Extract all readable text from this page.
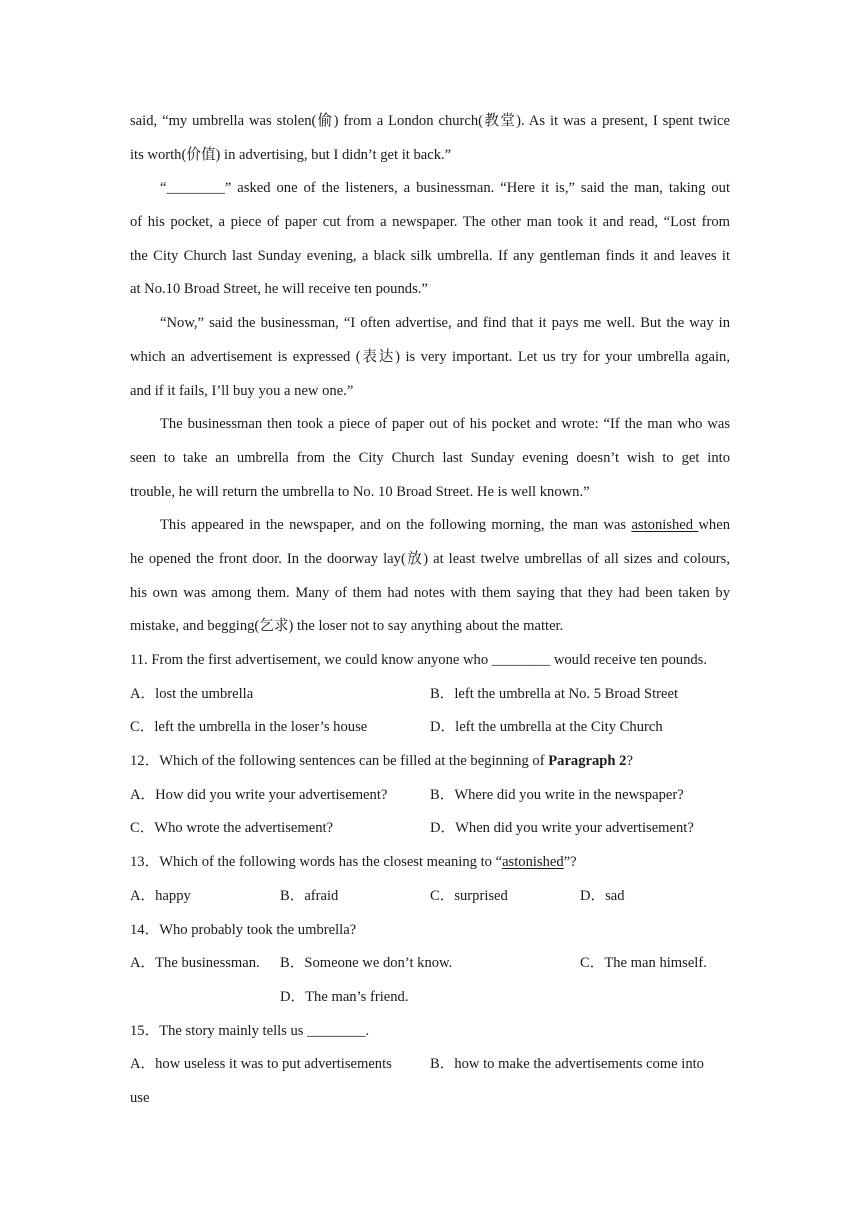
said, “my umbrella was stolen(偷) from a London church(教堂). As it was a present, I spent twice
its worth(价值) in advertising, but I didn’t get it back.”
“________” asked one of the listeners, a businessman. “Here it is,” said the man, taking out
of his pocket, a piece of paper cut from a newspaper. The other man took it and read, “Lost from
the City Church last Sunday evening, a black silk umbrella. If any gentleman finds it and leaves it
at No.10 Broad Street, he will receive ten pounds.”
“Now,” said the businessman, “I often advertise, and find that it pays me well. But the way in
which an advertisement is expressed (表达) is very important. Let us try for your umbrella again,
and if it fails, I’ll buy you a new one.”
The businessman then took a piece of paper out of his pocket and wrote: “If the man who was
seen to take an umbrella from the City Church last Sunday evening doesn’t wish to get into
trouble, he will return the umbrella to No. 10 Broad Street. He is well known.”
This appeared in the newspaper, and on the following morning, the man was astonished when
he opened the front door. In the doorway lay(放) at least twelve umbrellas of all sizes and colours,
his own was among them. Many of them had notes with them saying that they had been taken by
mistake, and begging(乞求) the loser not to say anything about the matter.
11. From the first advertisement, we could know anyone who ________ would receive ten pounds.
A．lost the umbrella	B．left the umbrella at No. 5 Broad Street
C．left the umbrella in the loser’s house	D．left the umbrella at the City Church
12．Which of the following sentences can be filled at the beginning of Paragraph 2?
A．How did you write your advertisement?	B．Where did you write in the newspaper?
C．Who wrote the advertisement?	D．When did you write your advertisement?
13．Which of the following words has the closest meaning to “astonished”?
A．happy	B．afraid	C．surprised	D．sad
14．Who probably took the umbrella?
A．The businessman. B．Someone we don’t know.	C．The man himself.
D．The man’s friend.
15．The story mainly tells us ________.
A．how useless it was to put advertisements	B．how to make the advertisements come into
use
